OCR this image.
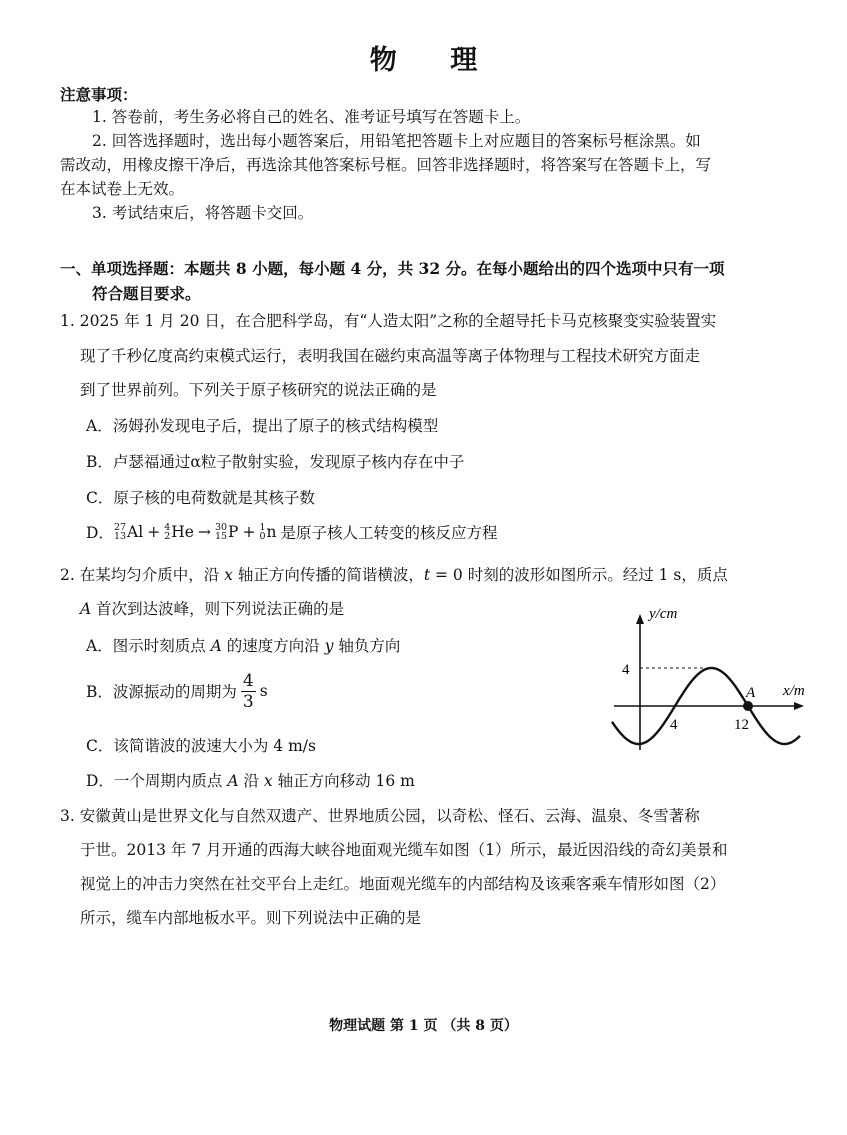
物 理
注意事项：
1. 答卷前，考生务必将自己的姓名、准考证号填写在答题卡上。
2. 回答选择题时，选出每小题答案后，用铅笔把答题卡上对应题目的答案标号框涂黑。如
需改动，用橡皮擦干净后，再选涂其他答案标号框。回答非选择题时，将答案写在答题卡上，写
在本试卷上无效。
3. 考试结束后，将答题卡交回。
一、单项选择题：本题共 8 小题，每小题 4 分，共 32 分。在每小题给出的四个选项中只有一项
符合题目要求。
1. 2025 年 1 月 20 日，在合肥科学岛，有“人造太阳”之称的全超导托卡马克核聚变实验装置实
现了千秒亿度高约束模式运行，表明我国在磁约束高温等离子体物理与工程技术研究方面走
到了世界前列。下列关于原子核研究的说法正确的是
A．汤姆孙发现电子后，提出了原子的核式结构模型
B．卢瑟福通过α粒子散射实验，发现原子核内存在中子
C．原子核的电荷数就是其核子数
D． 27
13 Al + 4
2 He → 30
15 P + 1
0 n 是原子核人工转变的核反应方程
2. 在某均匀介质中，沿 x 轴正方向传播的简谐横波，t = 0 时刻的波形如图所示。经过 1 s，质点
A 首次到达波峰，则下列说法正确的是
A．图示时刻质点 A 的速度方向沿 y 轴负方向
B．波源振动的周期为 $\frac{4}{3}$ s
C．该简谐波的波速大小为 4 m/s
D．一个周期内质点 A 沿 x 轴正方向移动 16 m
y/cm
x/m
4
4	12
A
3. 安徽黄山是世界文化与自然双遗产、世界地质公园，以奇松、怪石、云海、温泉、冬雪著称
于世。2013 年 7 月开通的西海大峡谷地面观光缆车如图（1）所示，最近因沿线的奇幻美景和
视觉上的冲击力突然在社交平台上走红。地面观光缆车的内部结构及该乘客乘车情形如图（2）
所示，缆车内部地板水平。则下列说法中正确的是
物理试题 第 1 页 （共 8 页）
